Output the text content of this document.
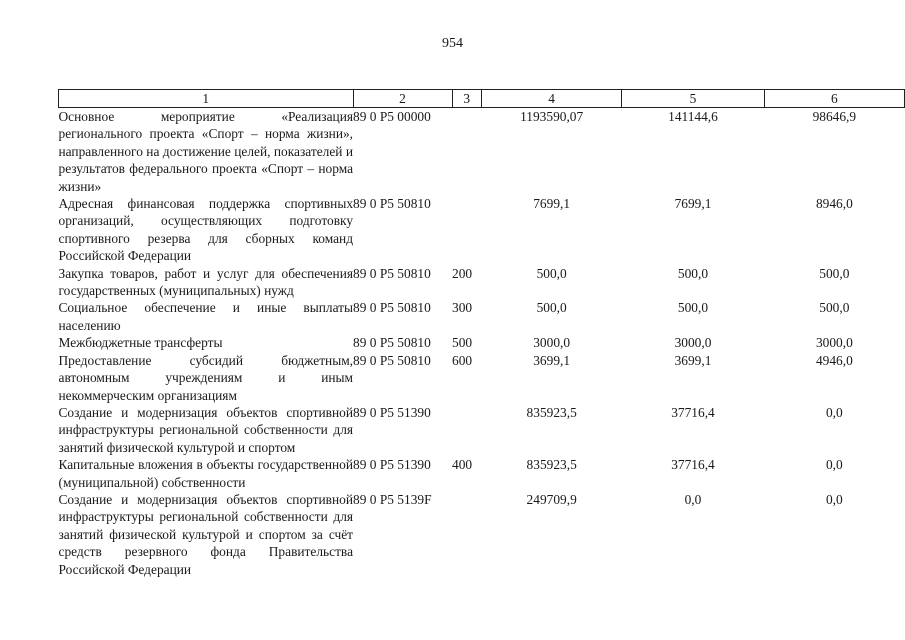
954
1	2	3	4	5	6
Основное мероприятие «Реализация регионального проекта «Спорт – норма жизни», направленного на достижение целей, показателей и результатов федерального проекта «Спорт – норма жизни»	89 0 Р5 00000		1193590,07	141144,6	98646,9
Адресная финансовая поддержка спортивных организаций, осуществляющих подготовку спортивного резерва для сборных команд Российской Федерации	89 0 Р5 50810		7699,1	7699,1	8946,0
Закупка товаров, работ и услуг для обеспечения государственных (муниципальных) нужд	89 0 Р5 50810	200	500,0	500,0	500,0
Социальное обеспечение и иные выплаты населению	89 0 Р5 50810	300	500,0	500,0	500,0
Межбюджетные трансферты	89 0 Р5 50810	500	3000,0	3000,0	3000,0
Предоставление субсидий бюджетным, автономным учреждениям и иным некоммерческим организациям	89 0 Р5 50810	600	3699,1	3699,1	4946,0
Создание и модернизация объектов спортивной инфраструктуры региональной собственности для занятий физической культурой и спортом	89 0 Р5 51390		835923,5	37716,4	0,0
Капитальные вложения в объекты государственной (муниципальной) собственности	89 0 Р5 51390	400	835923,5	37716,4	0,0
Создание и модернизация объектов спортивной инфраструктуры региональной собственности для занятий физической культурой и спортом за счёт средств резервного фонда Правительства Российской Федерации	89 0 Р5 5139F		249709,9	0,0	0,0
